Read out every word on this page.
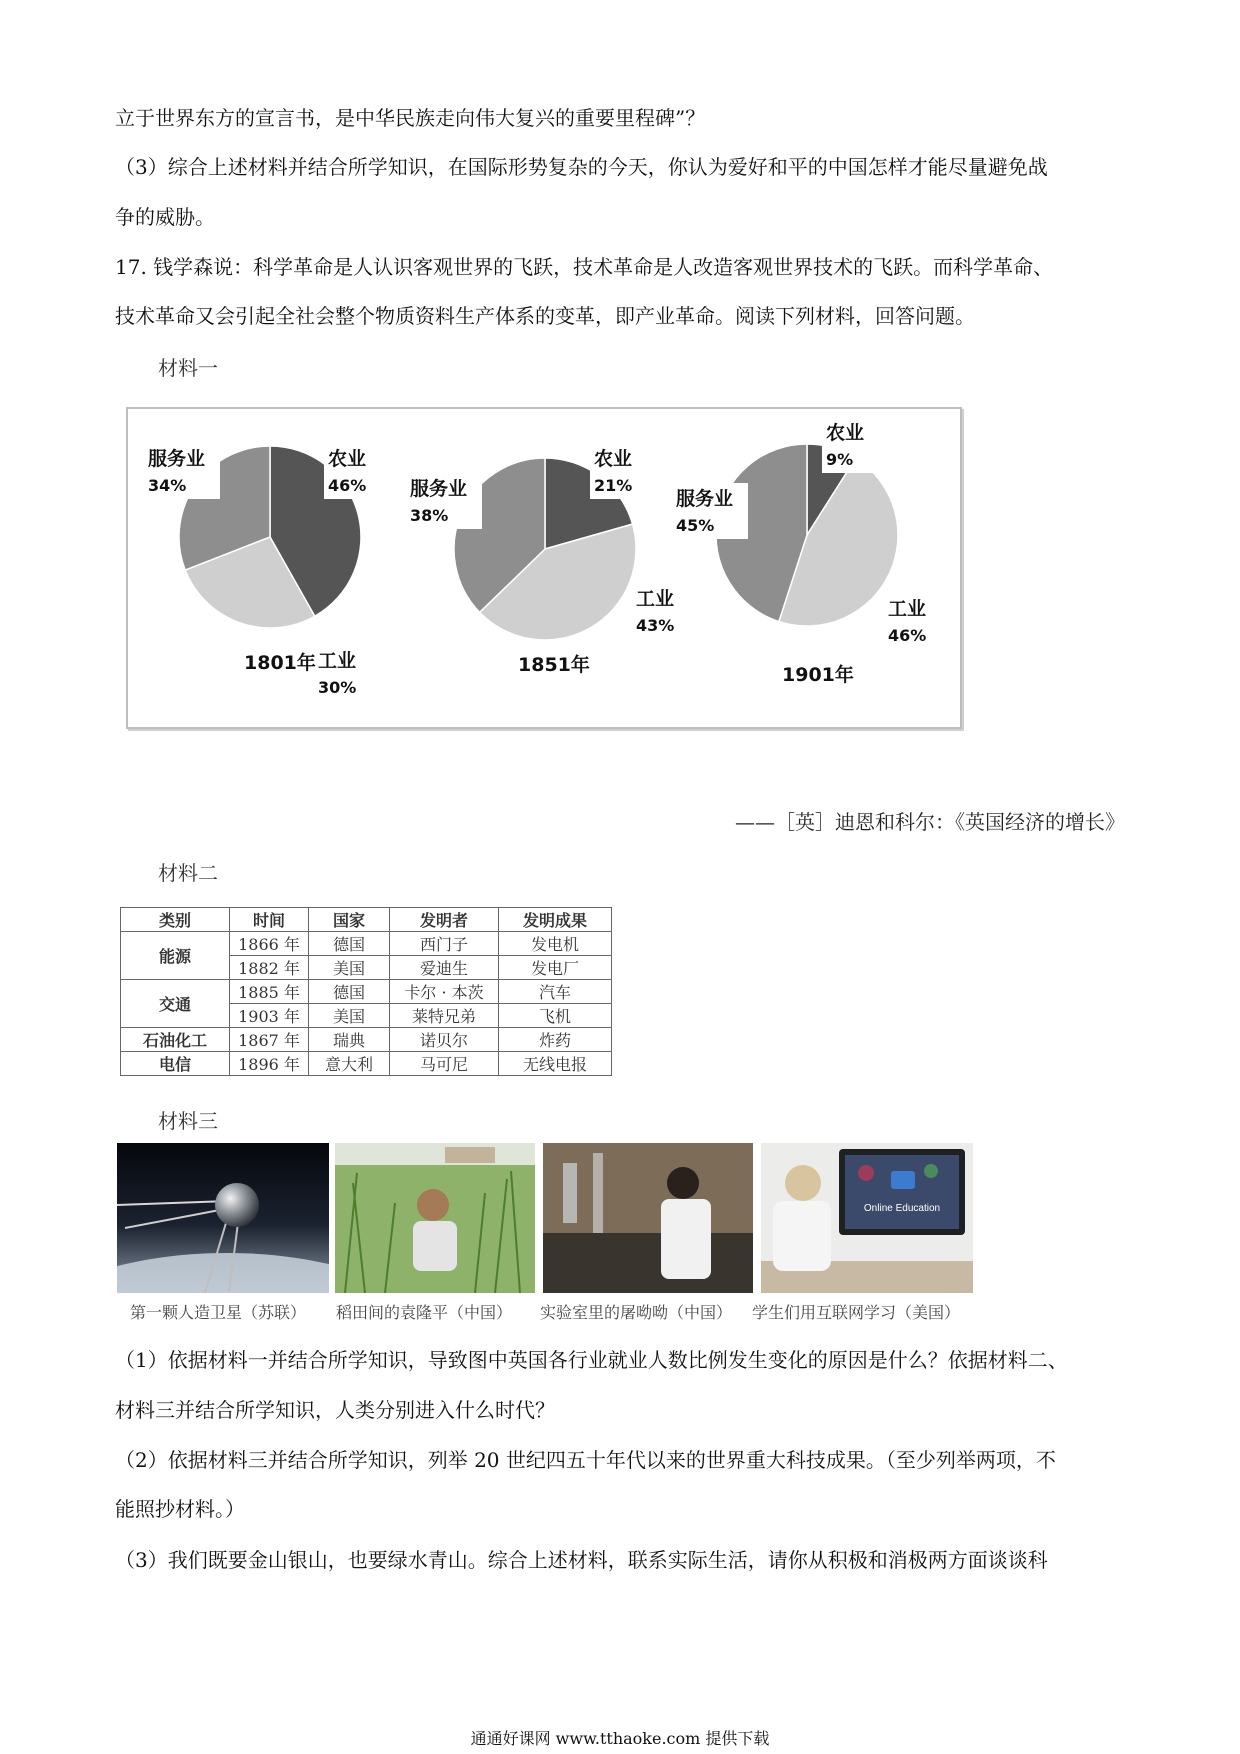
立于世界东方的宣言书，是中华民族走向伟大复兴的重要里程碑”？
（3）综合上述材料并结合所学知识，在国际形势复杂的今天，你认为爱好和平的中国怎样才能尽量避免战
争的威胁。
17. 钱学森说：科学革命是人认识客观世界的飞跃，技术革命是人改造客观世界技术的飞跃。而科学革命、
技术革命又会引起全社会整个物质资料生产体系的变革，即产业革命。阅读下列材料，回答问题。
材料一
农业
46%
工业
30%
服务业
34%
1801年
农业
21%
工业
43%
服务业
38%
1851年
农业
9%
工业
46%
服务业
45%
1901年
——［英］迪恩和科尔：《英国经济的增长》
材料二
类别	时间	国家	发明者	发明成果
能源	1866 年	德国	西门子	发电机
	1882 年	美国	爱迪生	发电厂
交通	1885 年	德国	卡尔 · 本茨	汽车
	1903 年	美国	莱特兄弟	飞机
石油化工	1867 年	瑞典	诺贝尔	炸药
电信	1896 年	意大利	马可尼	无线电报
材料三
Online Education
第一颗人造卫星（苏联） 稻田间的袁隆平（中国） 实验室里的屠呦呦（中国） 学生们用互联网学习（美国）
（1）依据材料一并结合所学知识，导致图中英国各行业就业人数比例发生变化的原因是什么？依据材料二、
材料三并结合所学知识，人类分别进入什么时代？
（2）依据材料三并结合所学知识，列举 20 世纪四五十年代以来的世界重大科技成果。（至少列举两项，不
能照抄材料。）
（3）我们既要金山银山，也要绿水青山。综合上述材料，联系实际生活，请你从积极和消极两方面谈谈科
通通好课网 www.tthaoke.com 提供下载
